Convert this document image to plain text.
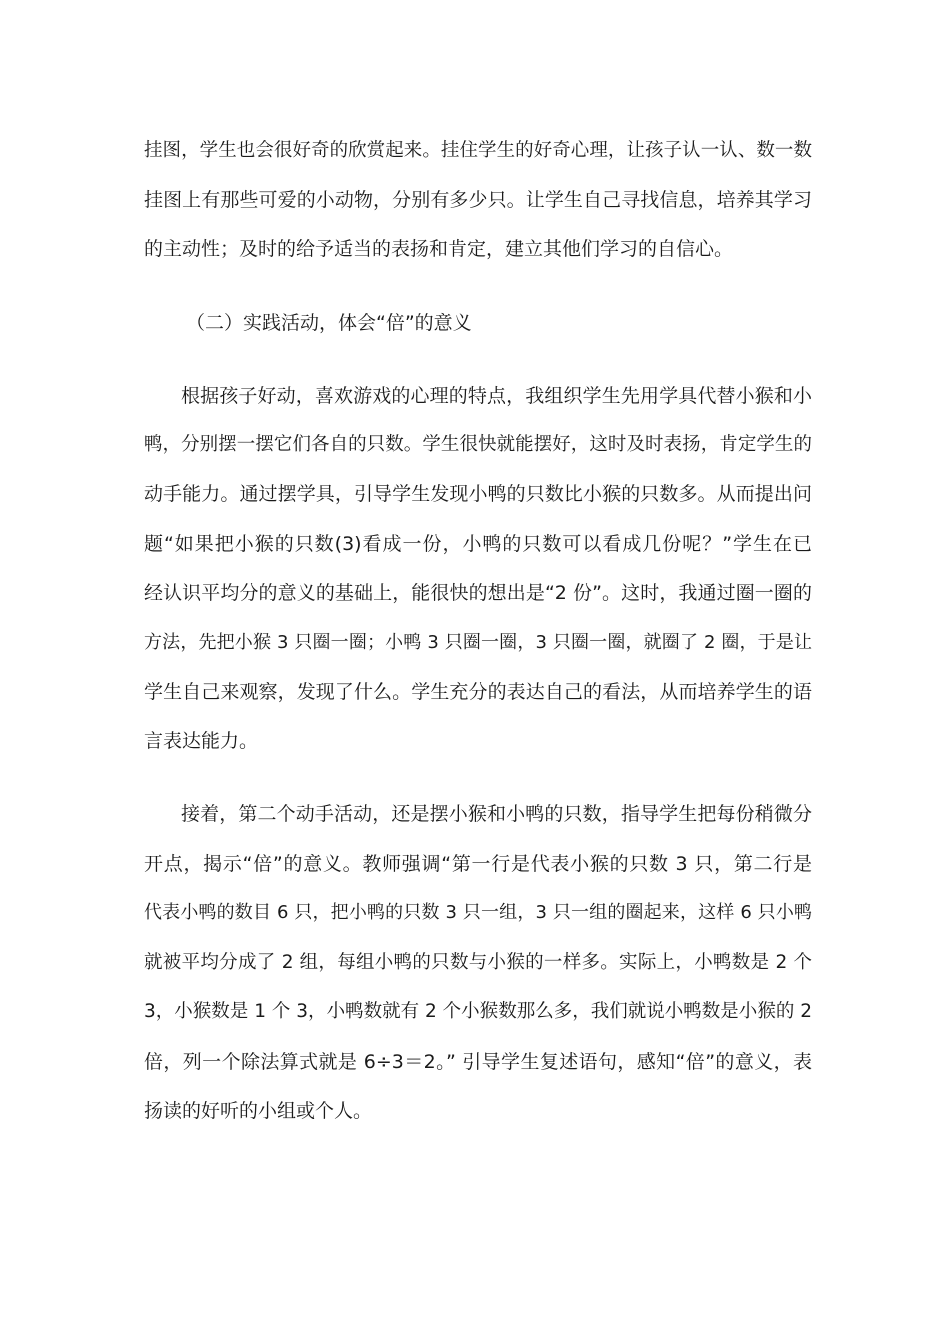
挂图，学生也会很好奇的欣赏起来。挂住学生的好奇心理，让孩子认一认、数一数
挂图上有那些可爱的小动物，分别有多少只。让学生自己寻找信息，培养其学习
的主动性；及时的给予适当的表扬和肯定，建立其他们学习的自信心。
（二）实践活动，体会“倍”的意义
根据孩子好动，喜欢游戏的心理的特点，我组织学生先用学具代替小猴和小
鸭，分别摆一摆它们各自的只数。学生很快就能摆好，这时及时表扬，肯定学生的
动手能力。通过摆学具，引导学生发现小鸭的只数比小猴的只数多。从而提出问
题“如果把小猴的只数(3)看成一份，小鸭的只数可以看成几份呢？”学生在已
经认识平均分的意义的基础上，能很快的想出是“2 份”。这时，我通过圈一圈的
方法，先把小猴 3 只圈一圈；小鸭 3 只圈一圈，3 只圈一圈，就圈了 2 圈，于是让
学生自己来观察，发现了什么。学生充分的表达自己的看法，从而培养学生的语
言表达能力。
接着，第二个动手活动，还是摆小猴和小鸭的只数，指导学生把每份稍微分
开点，揭示“倍”的意义。教师强调“第一行是代表小猴的只数 3 只，第二行是
代表小鸭的数目 6 只，把小鸭的只数 3 只一组，3 只一组的圈起来，这样 6 只小鸭
就被平均分成了 2 组，每组小鸭的只数与小猴的一样多。实际上，小鸭数是 2 个
3，小猴数是 1 个 3，小鸭数就有 2 个小猴数那么多，我们就说小鸭数是小猴的 2
倍，列一个除法算式就是 6÷3＝2。” 引导学生复述语句，感知“倍”的意义，表
扬读的好听的小组或个人。
